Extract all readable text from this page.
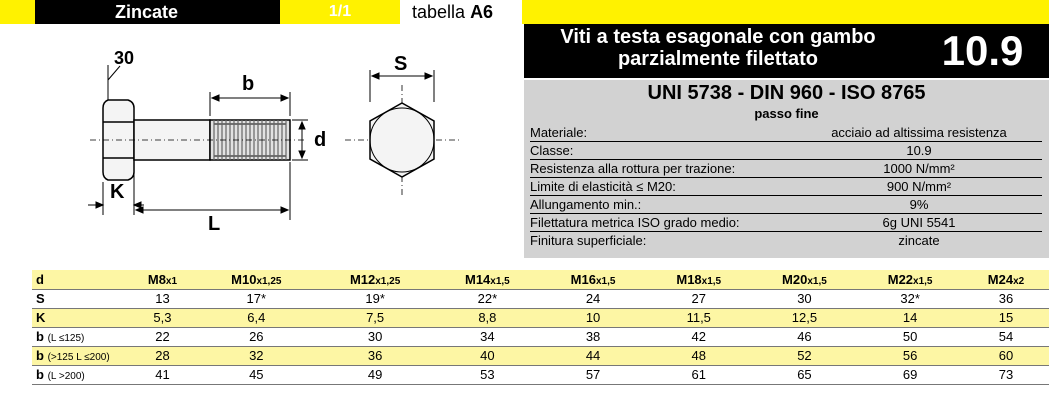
Zincate	1/1	tabella A6
30
b
d
K
L
S
Viti a testa esagonale con gambo
parzialmente filettato	10.9
UNI 5738 - DIN 960 - ISO 8765
passo fine
Materiale:	acciaio ad altissima resistenza
Classe:	10.9
Resistenza alla rottura per trazione:	1000 N/mm²
Limite di elasticità ≤ M20:	900 N/mm²
Allungamento min.:	9%
Filettatura metrica ISO grado medio:	6g UNI 5541
Finitura superficiale:	zincate
d	M8x1	M10x1,25	M12x1,25	M14x1,5	M16x1,5	M18x1,5	M20x1,5	M22x1,5	M24x2
S	13	17*	19*	22*	24	27	30	32*	36
K	5,3	6,4	7,5	8,8	10	11,5	12,5	14	15
b (L ≤125)	22	26	30	34	38	42	46	50	54
b (>125 L ≤200)	28	32	36	40	44	48	52	56	60
b (L >200)	41	45	49	53	57	61	65	69	73
